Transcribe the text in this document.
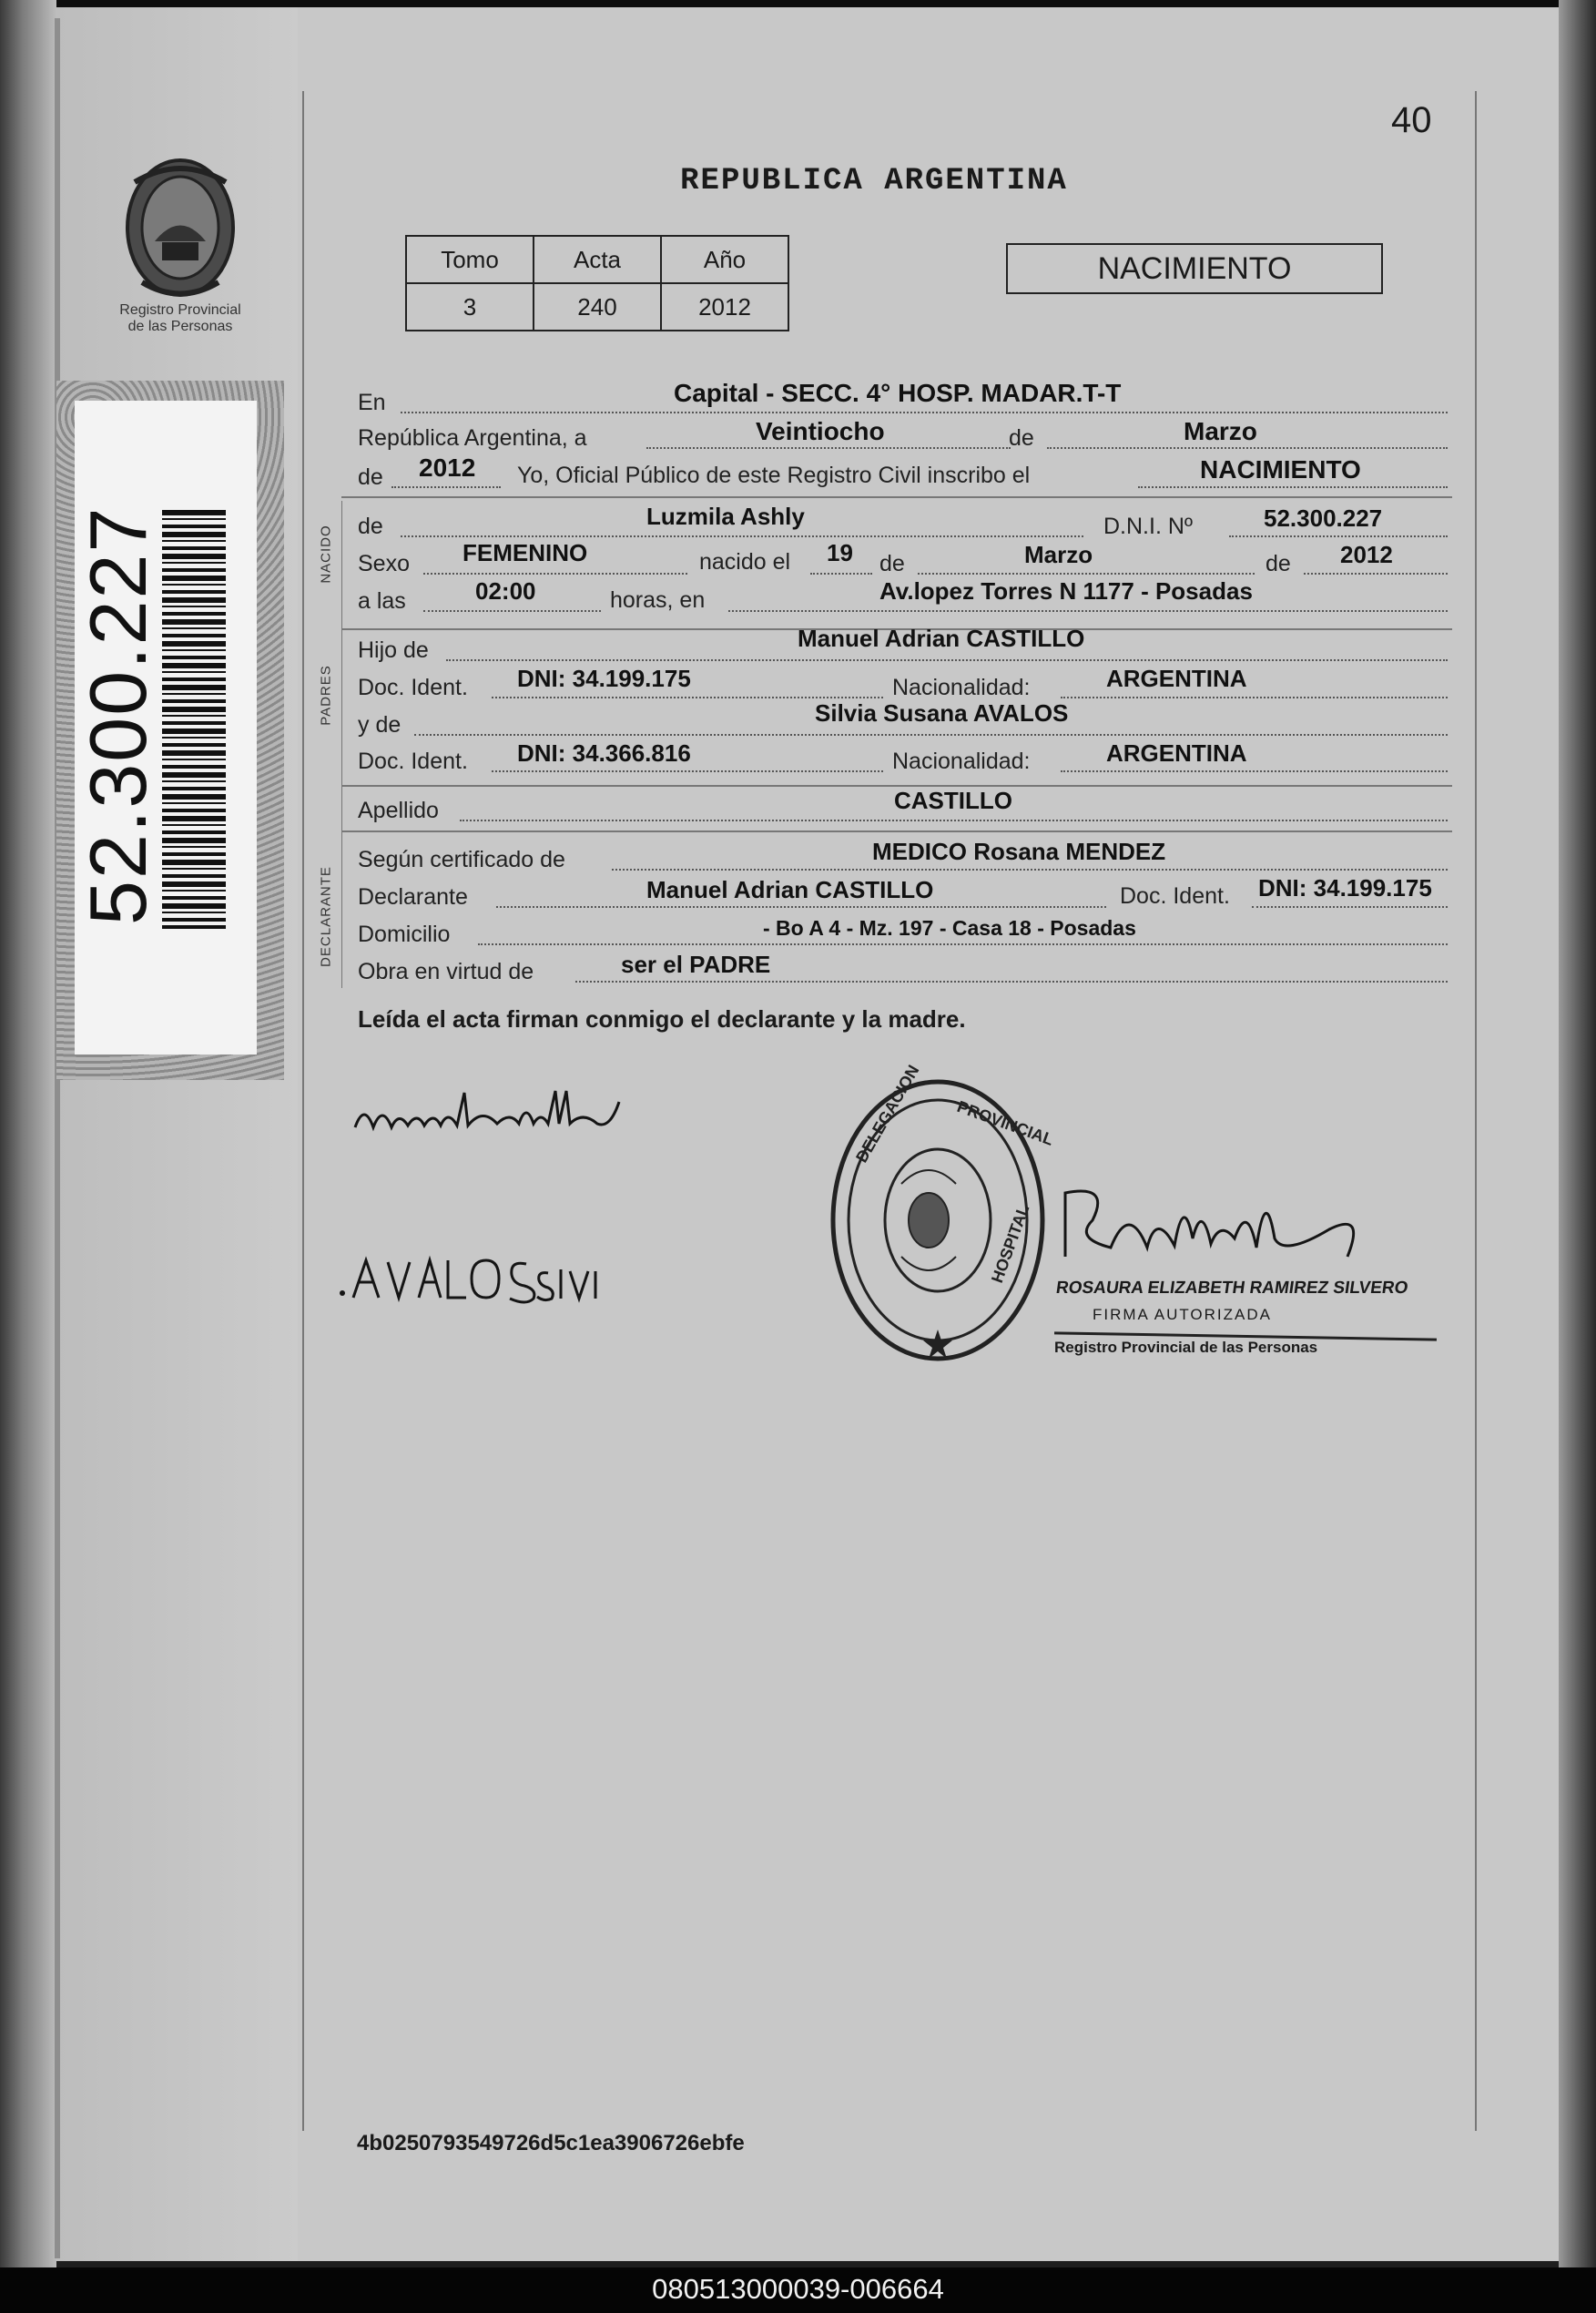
Registro Provincial
de las Personas
52.300.227
40
REPUBLICA ARGENTINA
Tomo	Acta	Año
3	240	2012
NACIMIENTO
NACIDO
PADRES
DECLARANTE
En	Capital - SECC. 4° HOSP. MADAR.T-T
República Argentina, a	Veintiocho	de	Marzo
de 2012 Yo, Oficial Público de este Registro Civil inscribo el	NACIMIENTO
de	Luzmila Ashly	D.N.I. Nº	52.300.227
Sexo FEMENINO	nacido el 19 de	Marzo	de 2012
a las	02:00	horas, en	Av.lopez Torres N 1177 - Posadas
Hijo de	Manuel Adrian CASTILLO
Doc. Ident. DNI: 34.199.175	Nacionalidad:	ARGENTINA
y de	Silvia Susana AVALOS
Doc. Ident. DNI: 34.366.816	Nacionalidad:	ARGENTINA
Apellido	CASTILLO
Según certificado de	MEDICO Rosana MENDEZ
Declarante	Manuel Adrian CASTILLO	Doc. Ident. DNI: 34.199.175
Domicilio	- Bo A 4 - Mz. 197 - Casa 18 - Posadas
Obra en virtud de	ser el PADRE
Leída el acta firman conmigo el declarante y la madre.
DELEGACION PROVINCIAL
HOSPITAL
ROSAURA ELIZABETH RAMIREZ SILVERO
FIRMA AUTORIZADA
Registro Provincial de las Personas
4b0250793549726d5c1ea3906726ebfe
080513000039-006664
